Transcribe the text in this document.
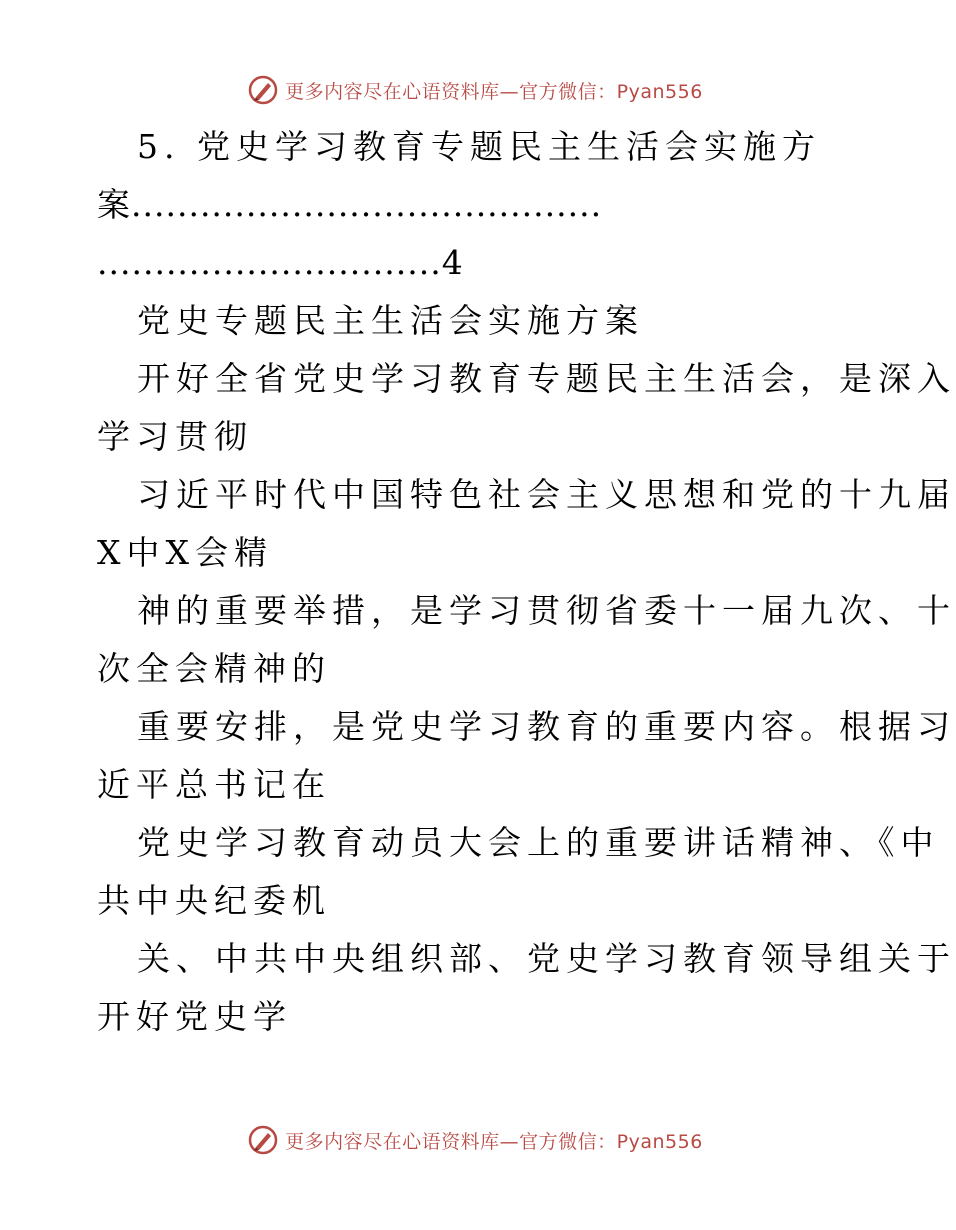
更多内容尽在心语资料库—官方微信：Pyan556
5. 党史学习教育专题民主生活会实施方
案.........................................
..............................4
党史专题民主生活会实施方案
开好全省党史学习教育专题民主生活会，是深入
学习贯彻
习近平时代中国特色社会主义思想和党的十九届
X中X会精
神的重要举措，是学习贯彻省委十一届九次、十
次全会精神的
重要安排，是党史学习教育的重要内容。根据习
近平总书记在
党史学习教育动员大会上的重要讲话精神、《中
共中央纪委机
关、中共中央组织部、党史学习教育领导组关于
开好党史学
更多内容尽在心语资料库—官方微信：Pyan556
